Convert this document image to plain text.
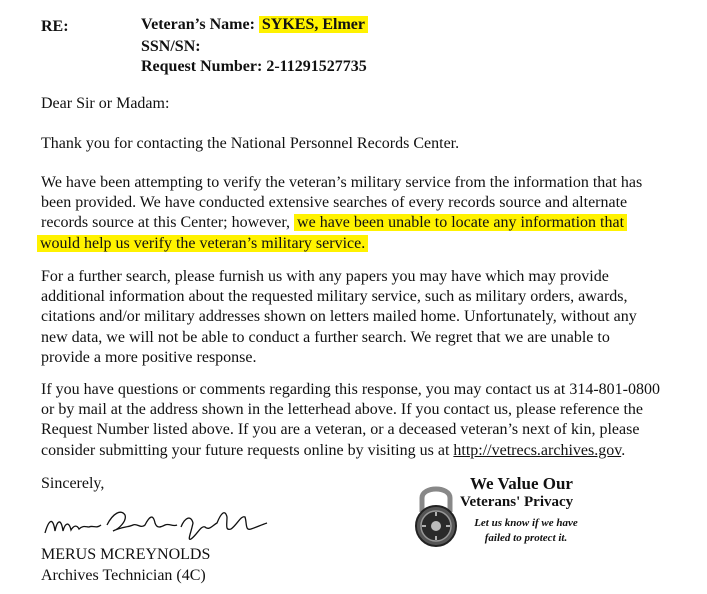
RE:	Veteran’s Name: SYKES, Elmer
SSN/SN:
Request Number: 2-11291527735
Dear Sir or Madam:
Thank you for contacting the National Personnel Records Center.
We have been attempting to verify the veteran’s military service from the information that has
been provided. We have conducted extensive searches of every records source and alternate
records source at this Center; however, we have been unable to locate any information that
would help us verify the veteran’s military service.
For a further search, please furnish us with any papers you may have which may provide
additional information about the requested military service, such as military orders, awards,
citations and/or military addresses shown on letters mailed home. Unfortunately, without any
new data, we will not be able to conduct a further search. We regret that we are unable to
provide a more positive response.
If you have questions or comments regarding this response, you may contact us at 314-801-0800
or by mail at the address shown in the letterhead above. If you contact us, please reference the
Request Number listed above. If you are a veteran, or a deceased veteran’s next of kin, please
consider submitting your future requests online by visiting us at http://vetrecs.archives.gov.
Sincerely,
MERUS MCREYNOLDS
Archives Technician (4C)
We Value Our
Veterans' Privacy
Let us know if we have
failed to protect it.
